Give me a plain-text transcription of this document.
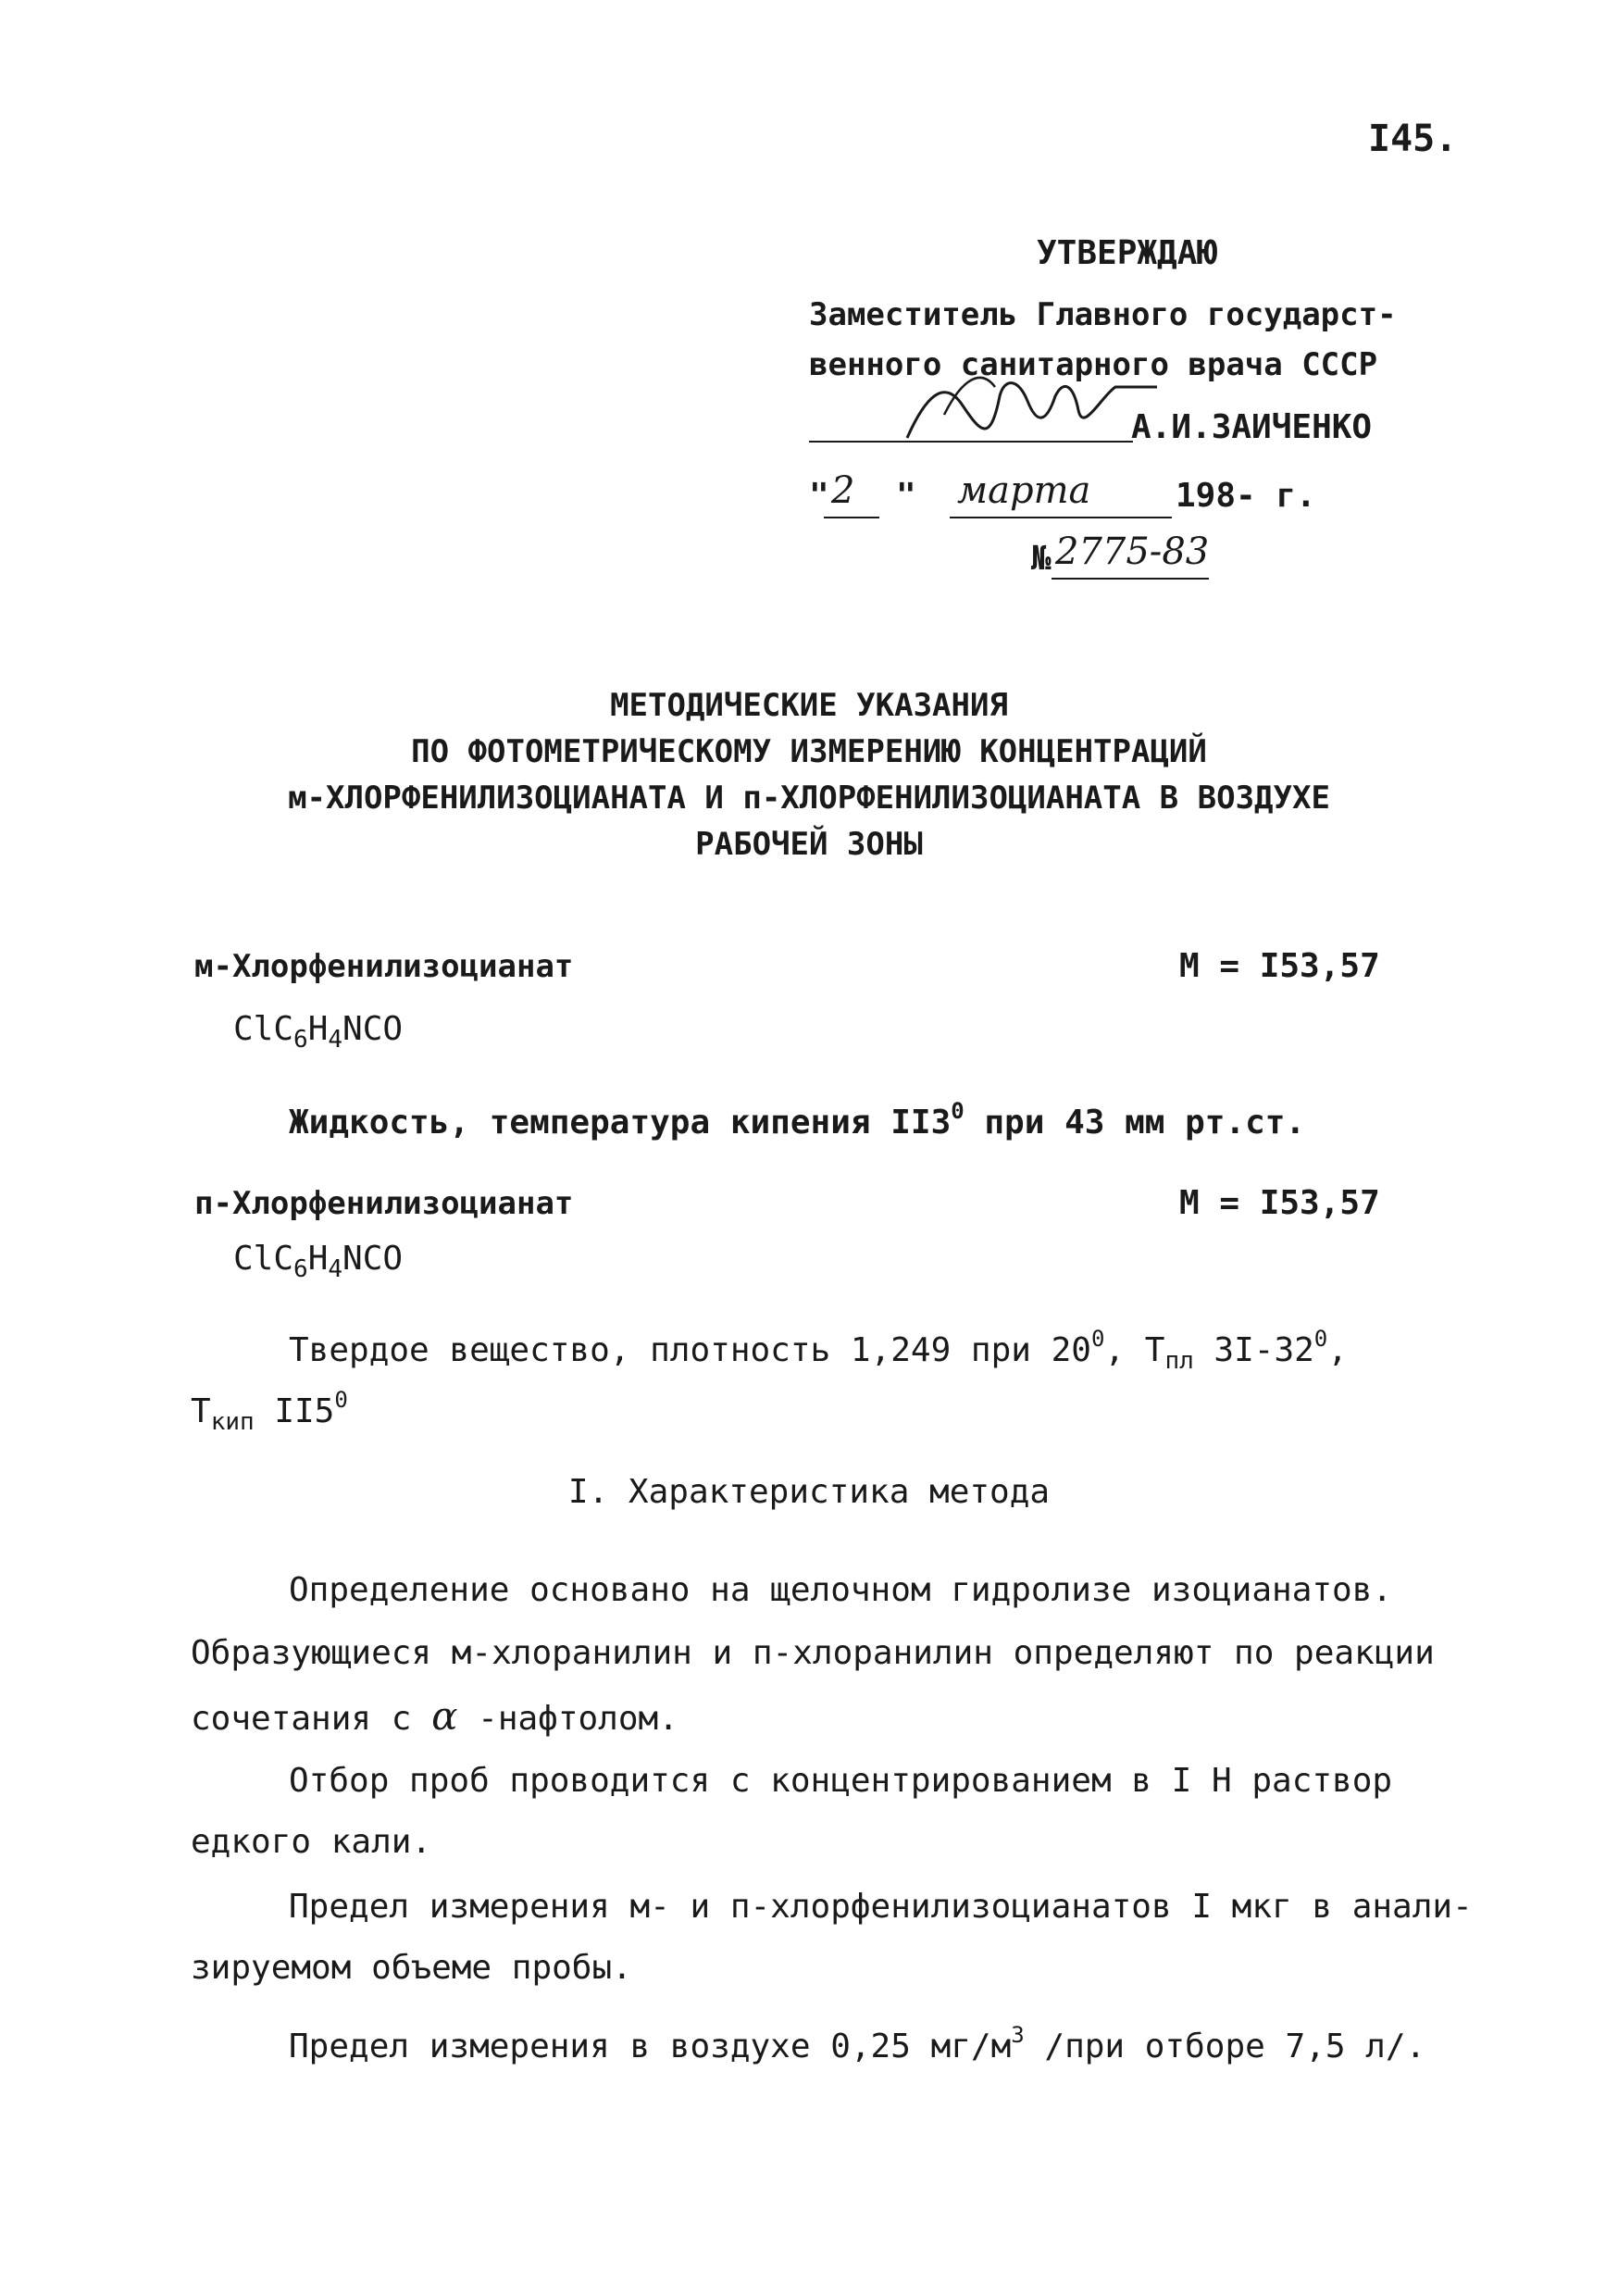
I45.
УТВЕРЖДАЮ
Заместитель Главного государст-
венного санитарного врача СССР
А.И.ЗАИЧЕНКО
" 2 " марта	198- г.
№ 2775-83
МЕТОДИЧЕСКИЕ УКАЗАНИЯ
ПО ФОТОМЕТРИЧЕСКОМУ ИЗМЕРЕНИЮ КОНЦЕНТРАЦИЙ
м-ХЛОРФЕНИЛИЗОЦИАНАТА И п-ХЛОРФЕНИЛИЗОЦИАНАТА В ВОЗДУХЕ
РАБОЧЕЙ ЗОНЫ
м-Хлорфенилизоцианат	М = I53,57
$ClC_6H_4NCO$
Жидкость, температура кипения $II3^0$ при 43 мм рт.ст.
п-Хлорфенилизоцианат	М = I53,57
$ClC_6H_4NCO$
Твердое вещество, плотность 1,249 при $20^0$, $Т_{пл}$ $3I-32^0$,
$Т_{кип}$ $II5^0$
I. Характеристика метода
Определение основано на щелочном гидролизе изоцианатов.
Образующиеся м-хлоранилин и п-хлоранилин определяют по реакции
сочетания с α -нафтолом.
Отбор проб проводится с концентрированием в I Н раствор
едкого кали.
Предел измерения м- и п-хлорфенилизоцианатов I мкг в анали-
зируемом объеме пробы.
Предел измерения в воздухе 0,25 $мг/м^3$ /при отборе 7,5 л/.
